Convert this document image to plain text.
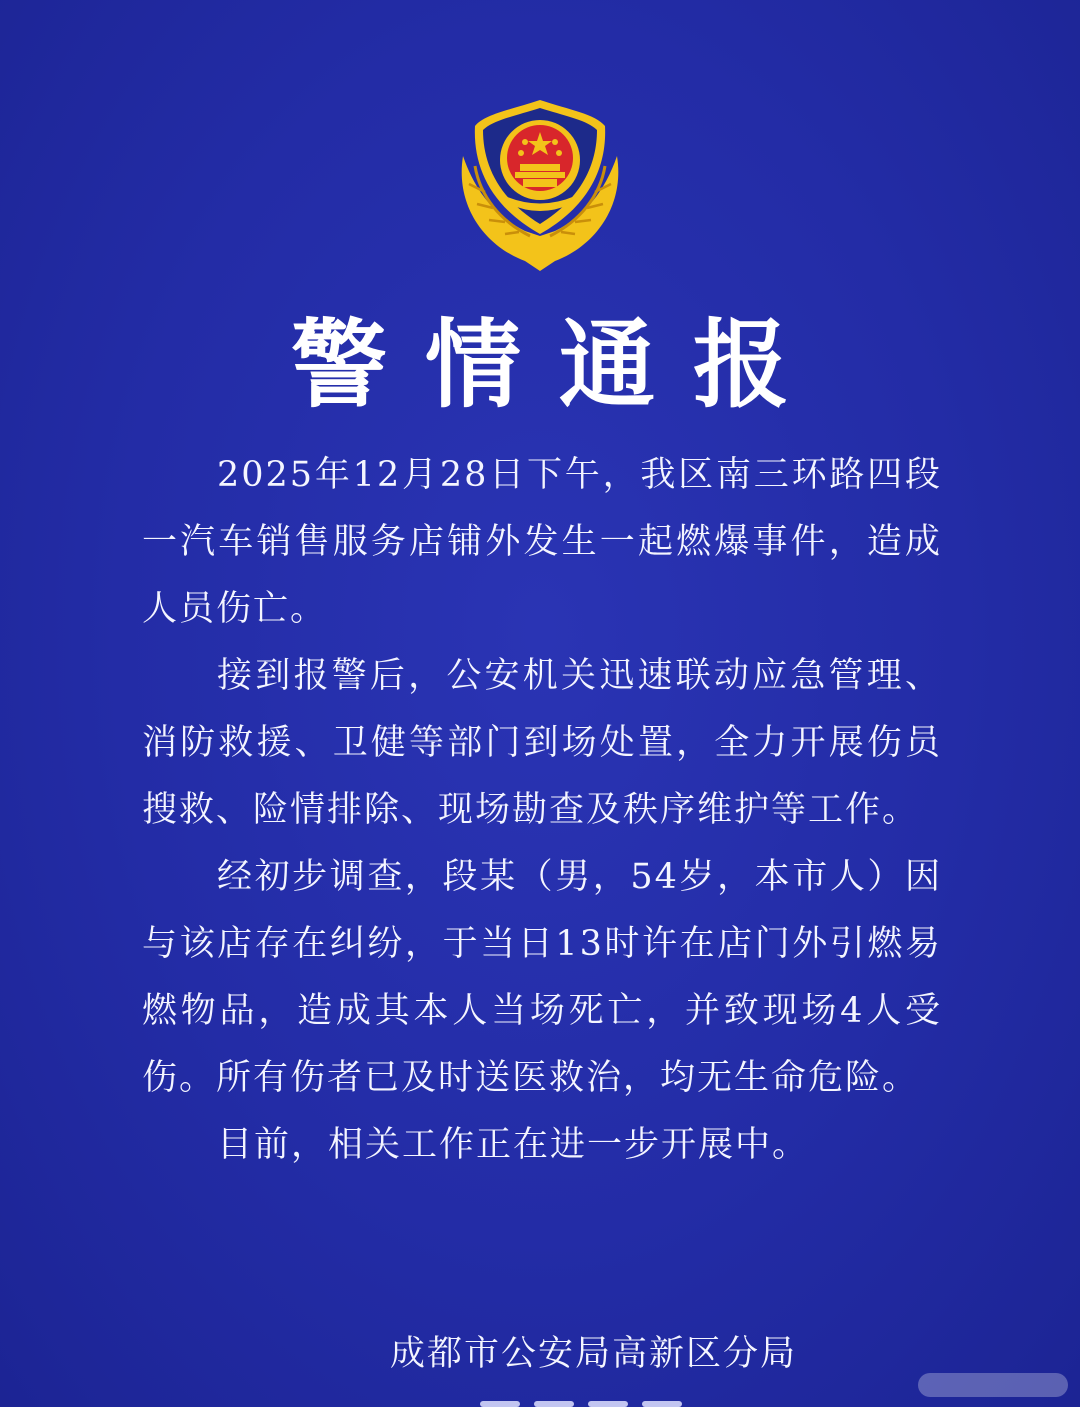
警情通报

2025年12月28日下午，我区南三环路四段一汽车销售服务店铺外发生一起燃爆事件，造成人员伤亡。

接到报警后，公安机关迅速联动应急管理、消防救援、卫健等部门到场处置，全力开展伤员搜救、险情排除、现场勘查及秩序维护等工作。

经初步调查，段某（男，54岁，本市人）因与该店存在纠纷，于当日13时许在店门外引燃易燃物品，造成其本人当场死亡，并致现场4人受伤。所有伤者已及时送医救治，均无生命危险。

目前，相关工作正在进一步开展中。

成都市公安局高新区分局
